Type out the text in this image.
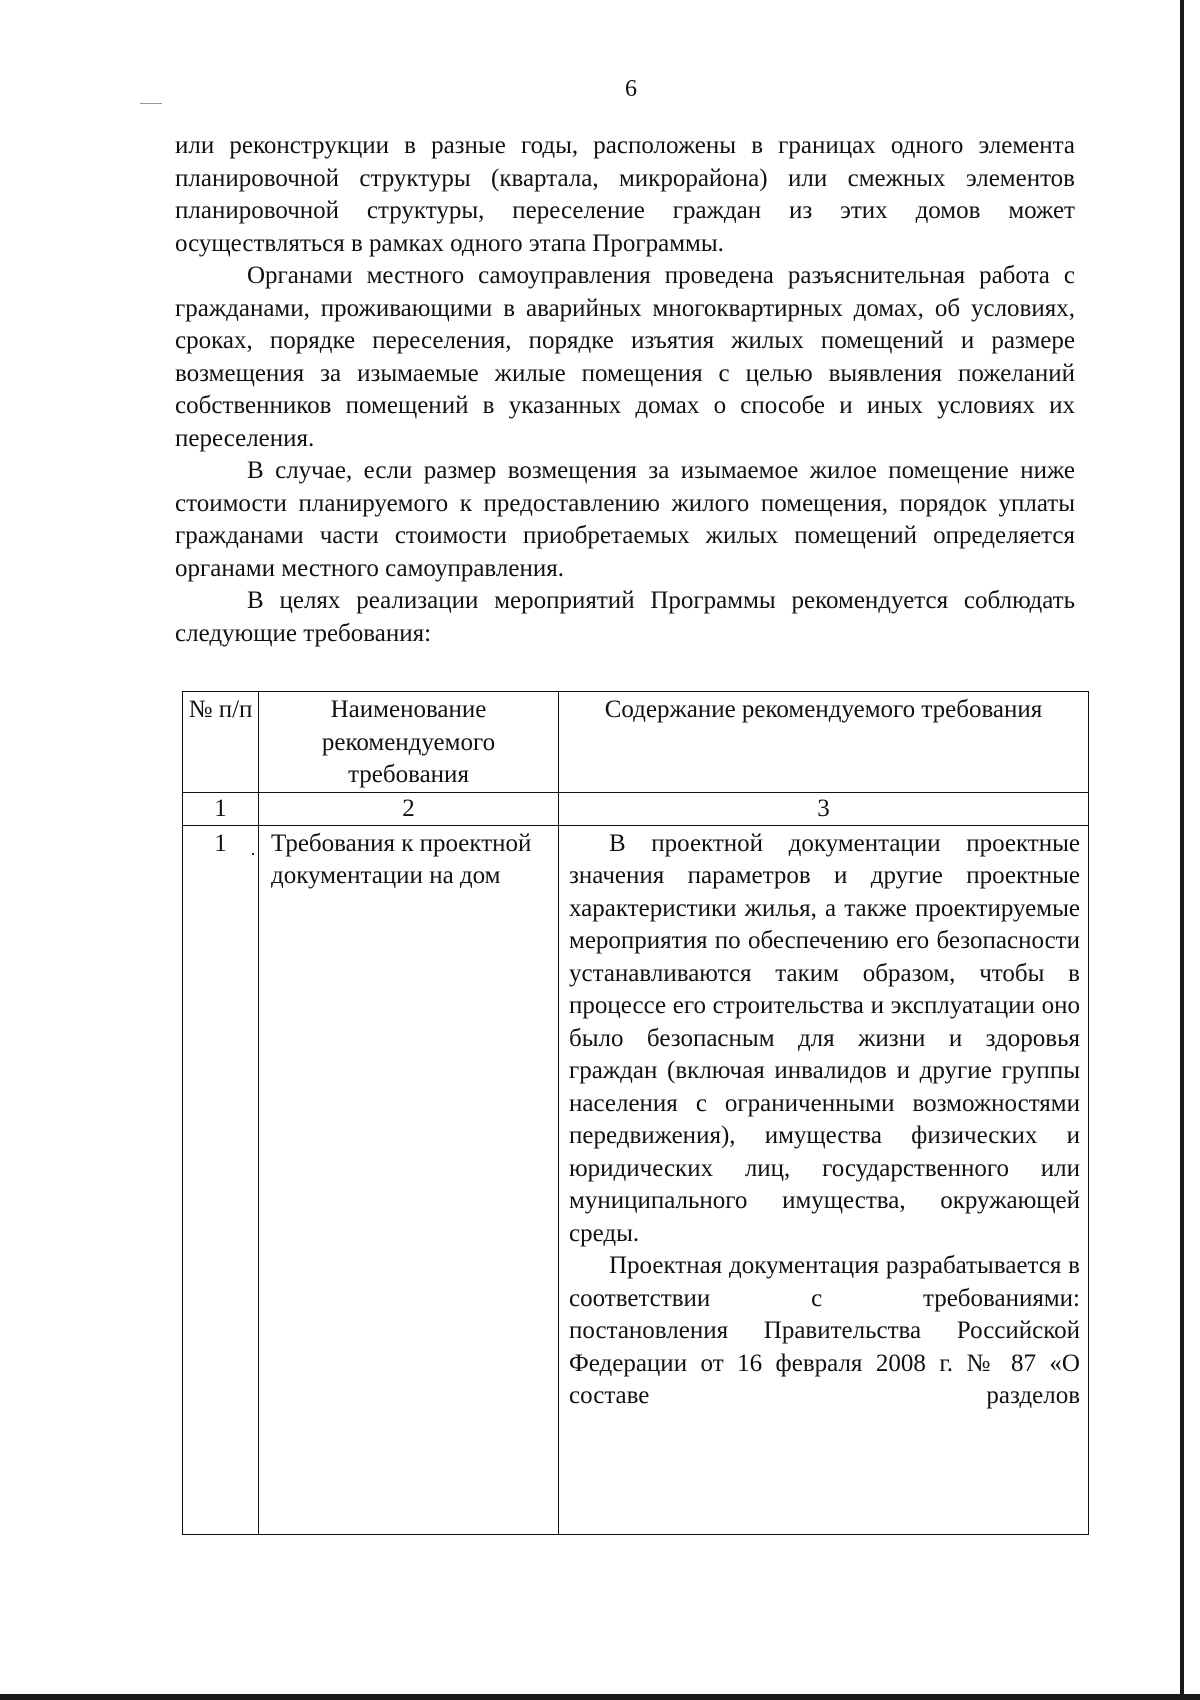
6

или реконструкции в разные годы, расположены в границах одного элемента планировочной структуры (квартала, микрорайона) или смежных элементов планировочной структуры, переселение граждан из этих домов может осуществляться в рамках одного этапа Программы.

Органами местного самоуправления проведена разъяснительная работа с гражданами, проживающими в аварийных многоквартирных домах, об условиях, сроках, порядке переселения, порядке изъятия жилых помещений и размере возмещения за изымаемые жилые помещения с целью выявления пожеланий собственников помещений в указанных домах о способе и иных условиях их переселения.

В случае, если размер возмещения за изымаемое жилое помещение ниже стоимости планируемого к предоставлению жилого помещения, порядок уплаты гражданами части стоимости приобретаемых жилых помещений определяется органами местного самоуправления.

В целях реализации мероприятий Программы рекомендуется соблюдать следующие требования:

№ п/п	Наименование рекомендуемого требования	Содержание рекомендуемого требования
1	2	3
1	Требования к проектной документации на дом	В проектной документации проектные значения параметров и другие проектные характеристики жилья, а также проектируемые мероприятия по обеспечению его безопасности устанавливаются таким образом, чтобы в процессе его строительства и эксплуатации оно было безопасным для жизни и здоровья граждан (включая инвалидов и другие группы населения с ограниченными возможностями передвижения), имущества физических и юридических лиц, государственного или муниципального имущества, окружающей среды.

Проектная документация разрабатывается в соответствии с требованиями:

постановления Правительства Российской Федерации от 16 февраля 2008 г. № 87 «О составе разделов
